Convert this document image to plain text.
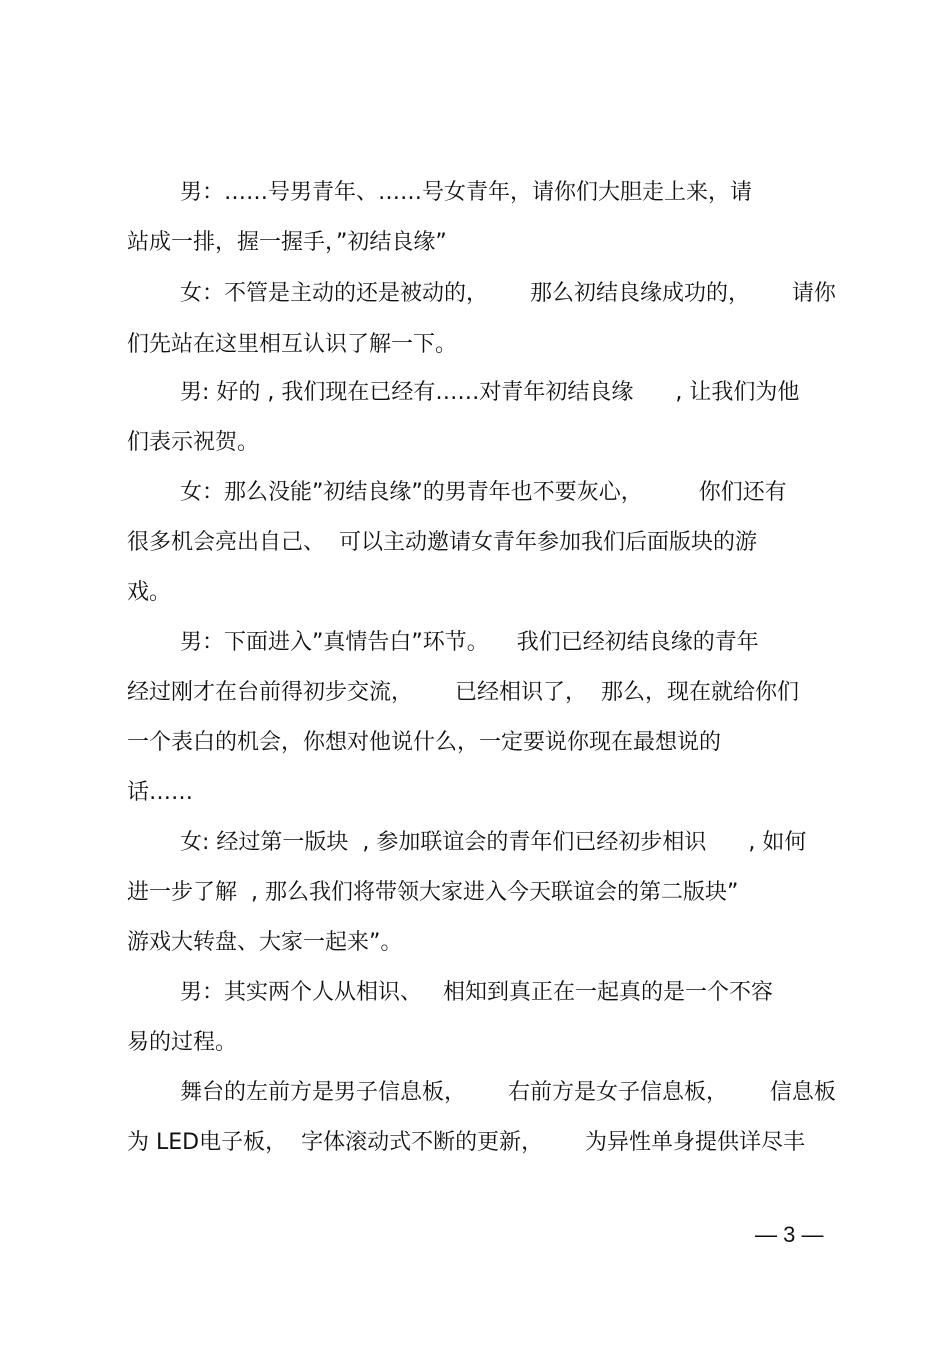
男：……号男青年、……号女青年，请你们大胆走上来，请
站成一排，握一握手，”初结良缘”
女：不管是主动的还是被动的，      那么初结良缘成功的，      请你
们先站在这里相互认识了解一下。
男: 好的 , 我们现在已经有……对青年初结良缘      , 让我们为他
们表示祝贺。
女：那么没能”初结良缘”的男青年也不要灰心，        你们还有
很多机会亮出自己、  可以主动邀请女青年参加我们后面版块的游
戏。
男：下面进入”真情告白”环节。    我们已经初结良缘的青年
经过刚才在台前得初步交流，      已经相识了，  那么，现在就给你们
一个表白的机会，你想对他说什么，一定要说你现在最想说的
话……
女: 经过第一版块  , 参加联谊会的青年们已经初步相识      , 如何
进一步了解  , 那么我们将带领大家进入今天联谊会的第二版块”
游戏大转盘、大家一起来”。
男：其实两个人从相识、   相知到真正在一起真的是一个不容
易的过程。
舞台的左前方是男子信息板，      右前方是女子信息板，      信息板
为 LED电子板，  字体滚动式不断的更新，      为异性单身提供详尽丰
— 3 —
